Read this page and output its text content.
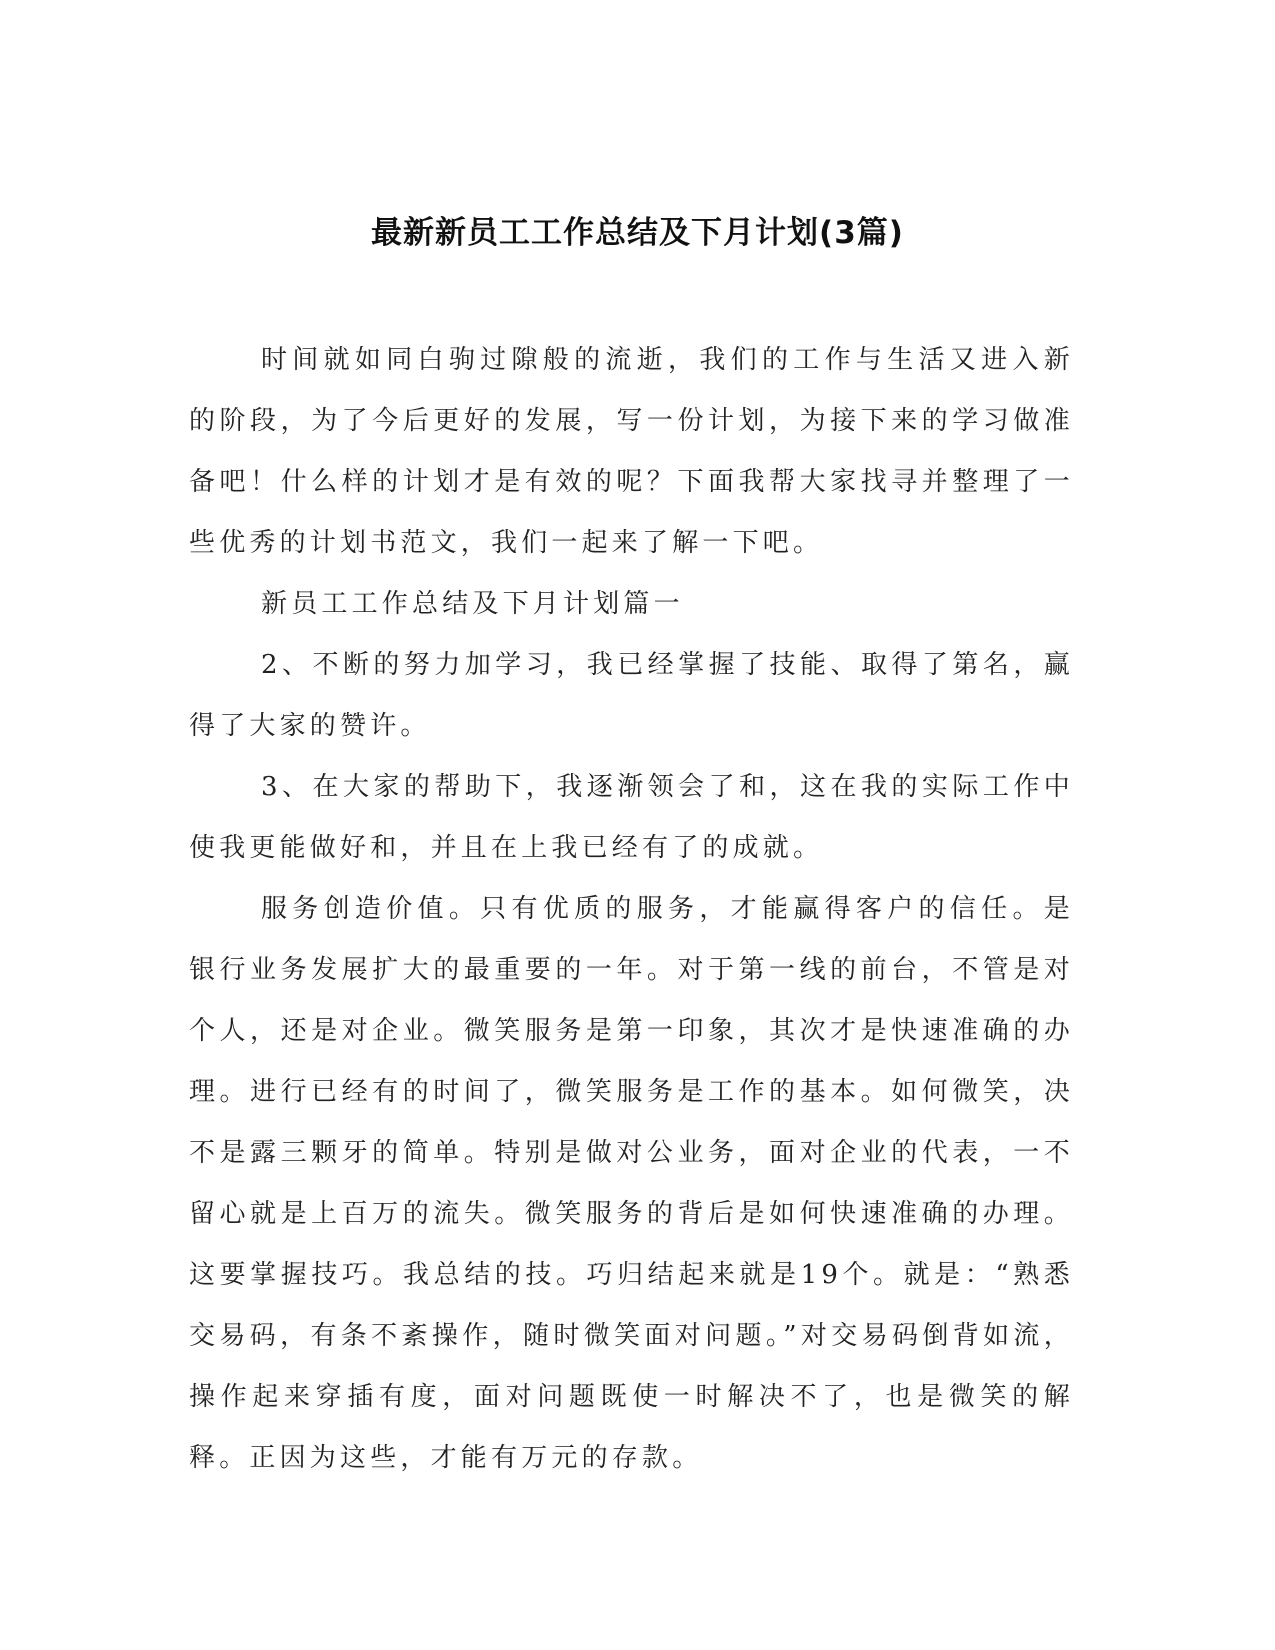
最新新员工工作总结及下月计划(3篇)

时间就如同白驹过隙般的流逝，我们的工作与生活又进入新的阶段，为了今后更好的发展，写一份计划，为接下来的学习做准备吧！什么样的计划才是有效的呢？下面我帮大家找寻并整理了一些优秀的计划书范文，我们一起来了解一下吧。

新员工工作总结及下月计划篇一

2、不断的努力加学习，我已经掌握了技能、取得了第名，赢得了大家的赞许。

3、在大家的帮助下，我逐渐领会了和，这在我的实际工作中使我更能做好和，并且在上我已经有了的成就。

服务创造价值。只有优质的服务，才能赢得客户的信任。是银行业务发展扩大的最重要的一年。对于第一线的前台，不管是对个人，还是对企业。微笑服务是第一印象，其次才是快速准确的办理。进行已经有的时间了，微笑服务是工作的基本。如何微笑，决不是露三颗牙的简单。特别是做对公业务，面对企业的代表，一不留心就是上百万的流失。微笑服务的背后是如何快速准确的办理。这要掌握技巧。我总结的技。巧归结起来就是19个。就是：“熟悉交易码，有条不紊操作，随时微笑面对问题。”对交易码倒背如流，操作起来穿插有度，面对问题既使一时解决不了，也是微笑的解释。正因为这些，才能有万元的存款。
